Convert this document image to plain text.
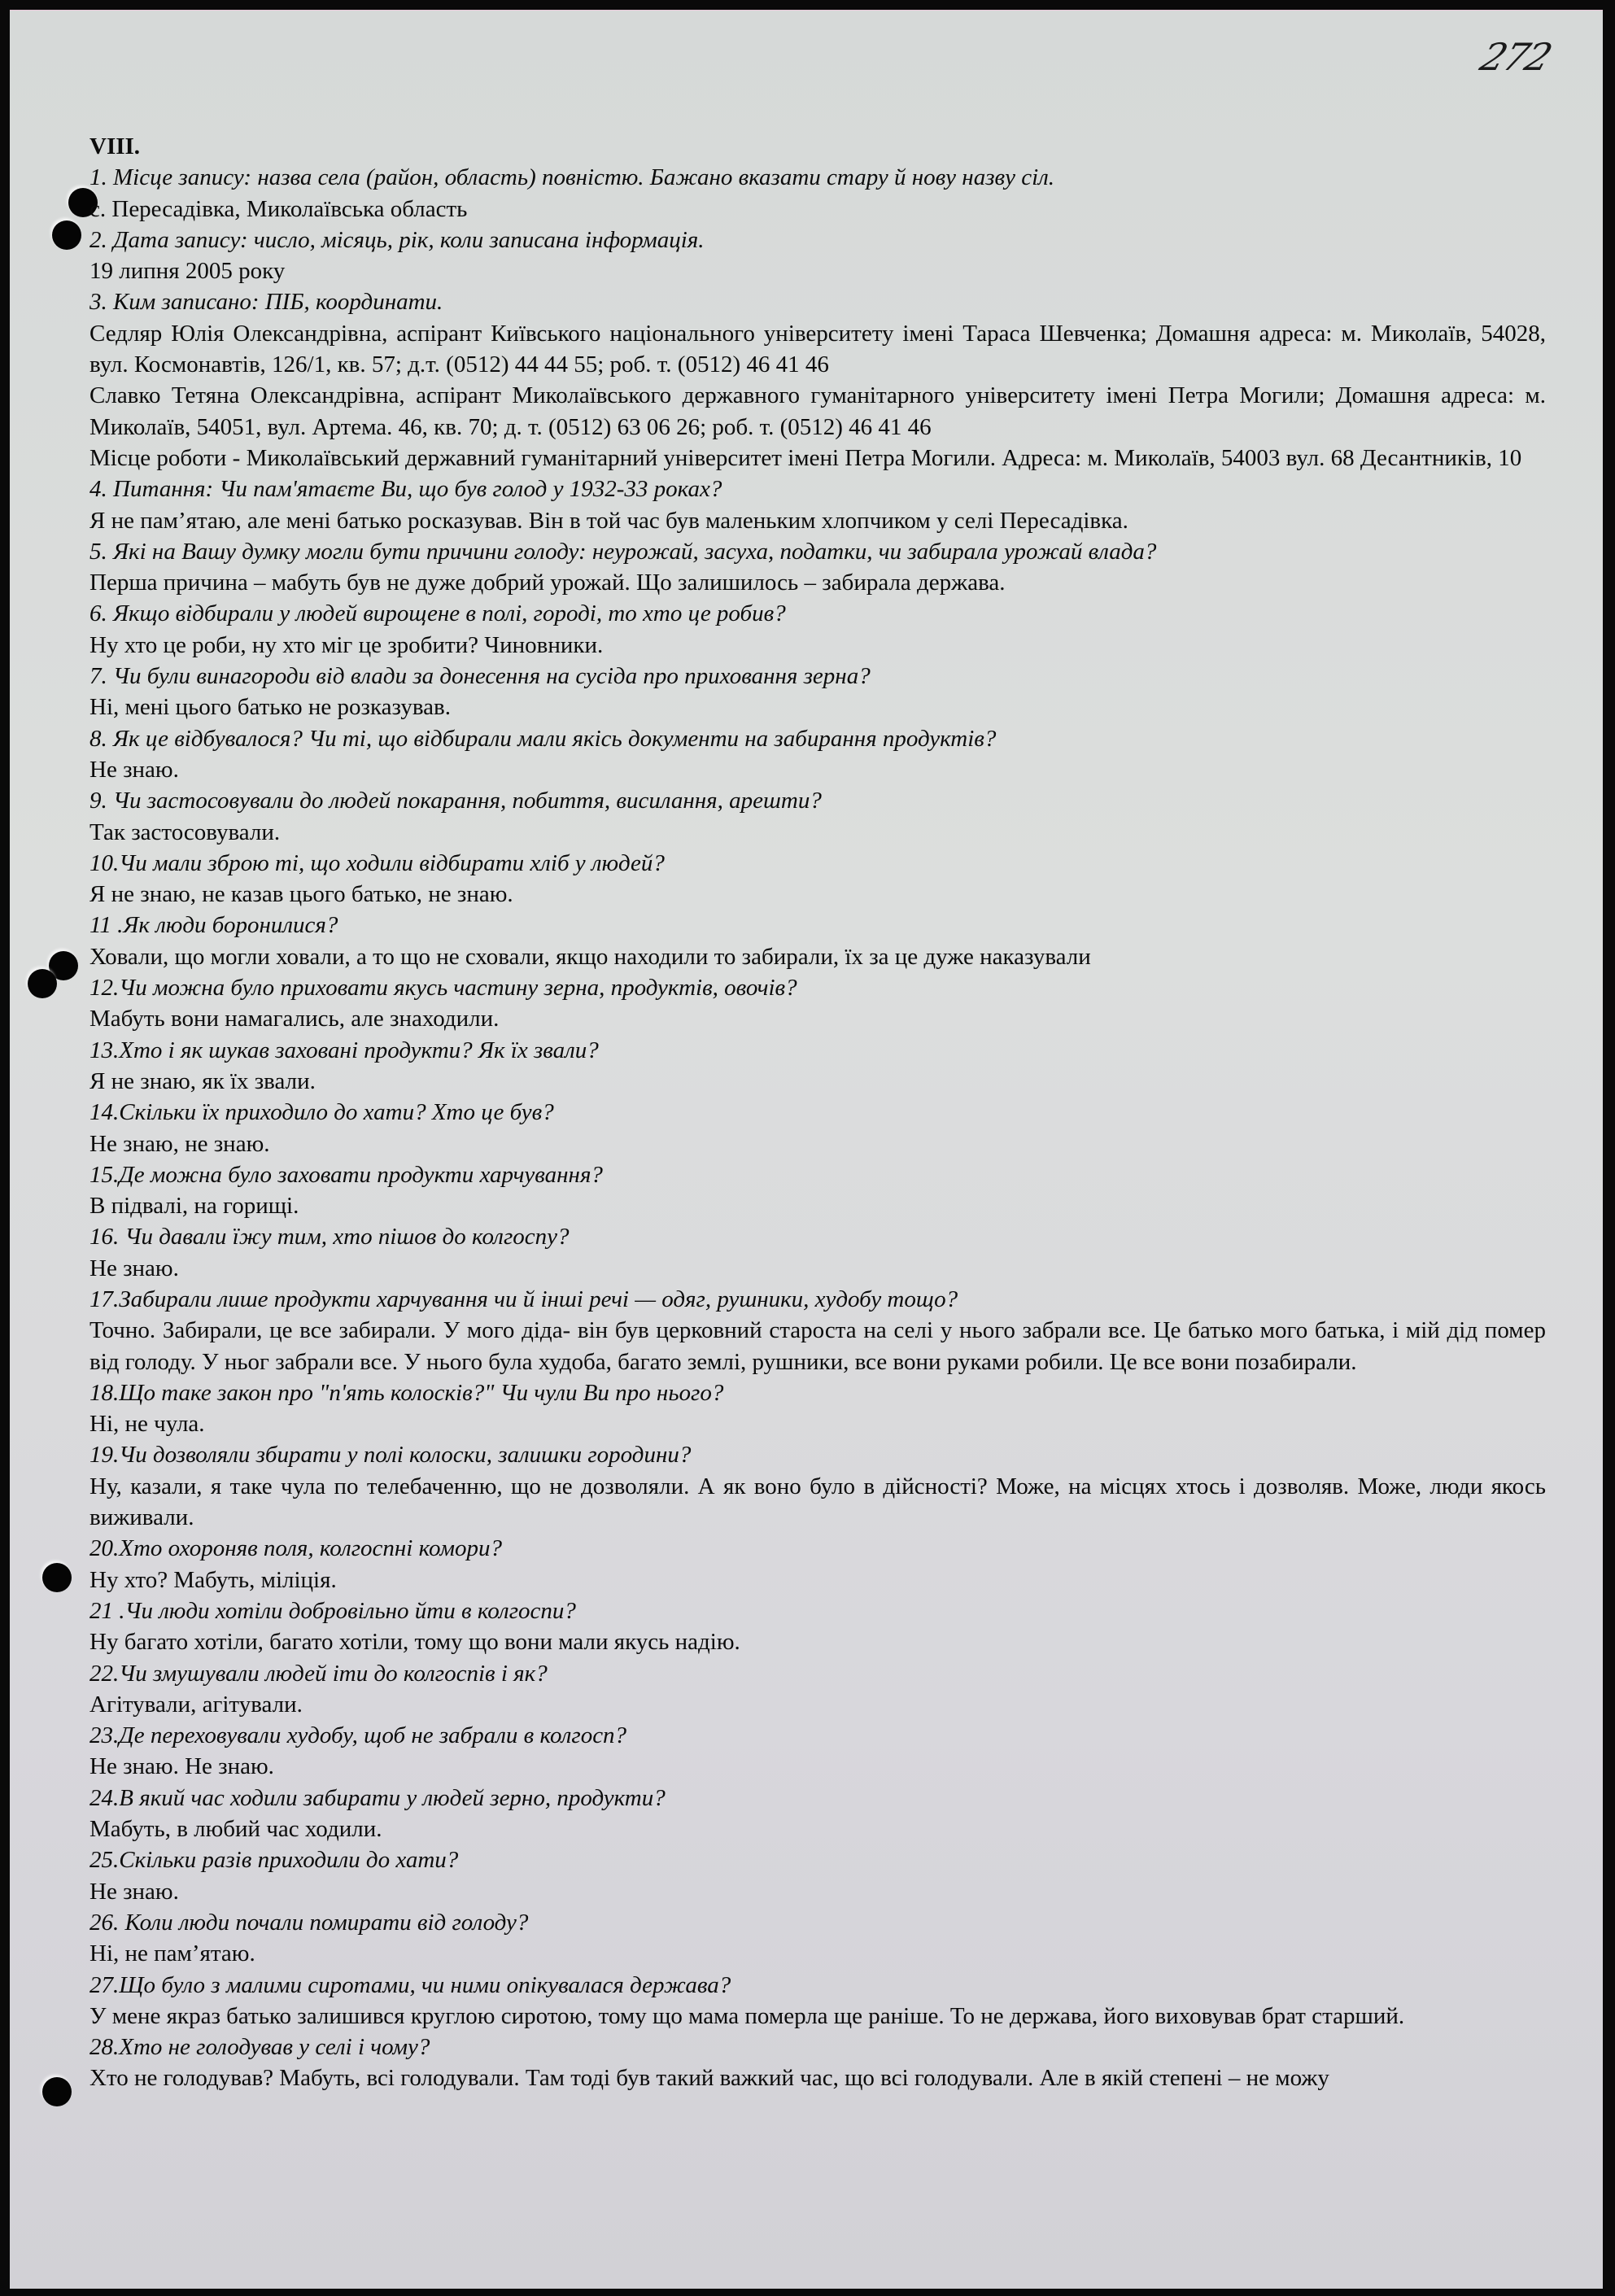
272

VIII.

1. Місце запису: назва села (район, область) повністю. Бажано вказати стару й нову назву сіл.

с. Пересадівка, Миколаївська область

2. Дата запису: число, місяць, рік, коли записана інформація.

19 липня 2005 року

3. Ким записано: ПІБ, координати.

Седляр Юлія Олександрівна, аспірант Київського національного університету імені Тараса Шевченка; Домашня адреса: м. Миколаїв, 54028, вул. Космонавтів, 126/1, кв. 57; д.т. (0512) 44 44 55; роб. т. (0512) 46 41 46

Славко Тетяна Олександрівна, аспірант Миколаївського державного гуманітарного університету імені Петра Могили; Домашня адреса: м. Миколаїв, 54051, вул. Артема. 46, кв. 70; д. т. (0512) 63 06 26; роб. т. (0512) 46 41 46

Місце роботи - Миколаївський державний гуманітарний університет імені Петра Могили. Адреса: м. Миколаїв, 54003 вул. 68 Десантників, 10

4. Питання: Чи пам'ятаєте Ви, що був голод у 1932-33 роках?

Я не пам’ятаю, але мені батько росказував. Він в той час був маленьким хлопчиком у селі Пересадівка.

5. Які на Вашу думку могли бути причини голоду: неурожай, засуха, податки, чи забирала урожай влада?

Перша причина – мабуть був не дуже добрий урожай. Що залишилось – забирала держава.

6. Якщо відбирали у людей вирощене в полі, городі, то хто це робив?

Ну хто це роби, ну хто міг це зробити? Чиновники.

7. Чи були винагороди від влади за донесення на сусіда про приховання зерна?

Ні, мені цього батько не розказував.

8. Як це відбувалося? Чи ті, що відбирали мали якісь документи на забирання продуктів?

Не знаю.

9. Чи застосовували до людей покарання, побиття, висилання, арешти?

Так застосовували.

10.Чи мали зброю ті, що ходили відбирати хліб у людей?

Я не знаю, не казав цього батько, не знаю.

11 .Як люди боронилися?

Ховали, що могли ховали, а то що не сховали, якщо находили то забирали, їх за це дуже наказували

12.Чи можна було приховати якусь частину зерна, продуктів, овочів?

Мабуть вони намагались, але знаходили.

13.Хто і як шукав заховані продукти? Як їх звали?

Я не знаю, як їх звали.

14.Скільки їх приходило до хати? Хто це був?

Не знаю, не знаю.

15.Де можна було заховати продукти харчування?

В підвалі, на горищі.

16. Чи давали їжу тим, хто пішов до колгоспу?

Не знаю.

17.Забирали лише продукти харчування чи й інші речі — одяг, рушники, худобу тощо?

Точно. Забирали, це все забирали. У мого діда- він був церковний староста на селі у нього забрали все. Це батько мого батька, і мій дід помер від голоду. У ньог забрали все. У нього була худоба, багато землі, рушники, все вони руками робили. Це все вони позабирали.

18.Що таке закон про "п'ять колосків?" Чи чули Ви про нього?

Ні, не чула.

19.Чи дозволяли збирати у полі колоски, залишки городини?

Ну, казали, я таке чула по телебаченню, що не дозволяли. А як воно було в дійсності? Може, на місцях хтось і дозволяв. Може, люди якось виживали.

20.Хто охороняв поля, колгоспні комори?

Ну хто? Мабуть, міліція.

21 .Чи люди хотіли добровільно йти в колгоспи?

Ну багато хотіли, багато хотіли, тому що вони мали якусь надію.

22.Чи змушували людей іти до колгоспів і як?

Агітували, агітували.

23.Де переховували худобу, щоб не забрали в колгосп?

Не знаю. Не знаю.

24.В який час ходили забирати у людей зерно, продукти?

Мабуть, в любий час ходили.

25.Скільки разів приходили до хати?

Не знаю.

26. Коли люди почали помирати від голоду?

Ні, не пам’ятаю.

27.Що було з малими сиротами, чи ними опікувалася держава?

У мене якраз батько залишився круглою сиротою, тому що мама померла ще раніше. То не держава, його виховував брат старший.

28.Хто не голодував у селі і чому?

Хто не голодував? Мабуть, всі голодували. Там тоді був такий важкий час, що всі голодували. Але в якій степені – не можу
